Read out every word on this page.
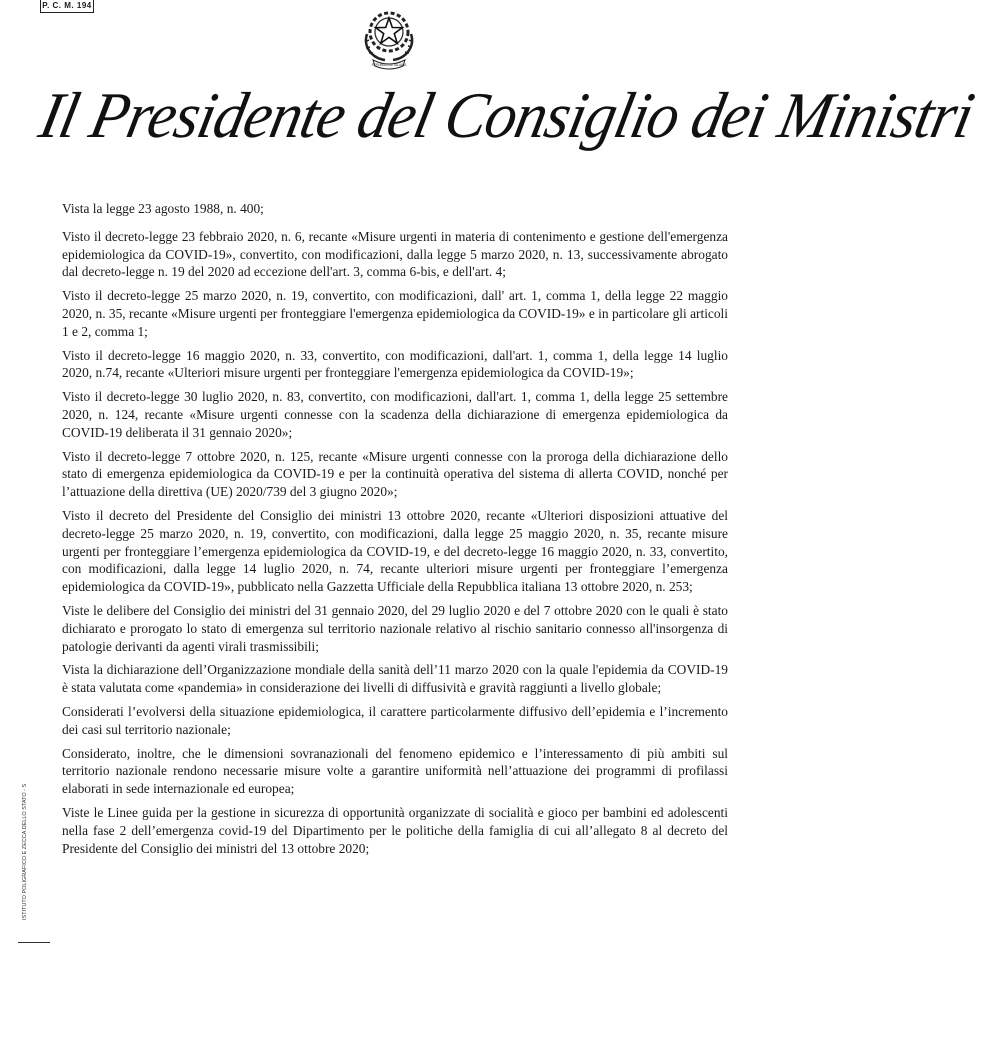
P. C. M. 194
REPUBBLICA ITALIANA
Il Presidente del Consiglio dei Ministri
ISTITUTO POLIGRAFICO E ZECCA DELLO STATO - S

Vista la legge 23 agosto 1988, n. 400;

Visto il decreto-legge 23 febbraio 2020, n. 6, recante «Misure urgenti in materia di contenimento e gestione dell'emergenza epidemiologica da COVID-19», convertito, con modificazioni, dalla legge 5 marzo 2020, n. 13, successivamente abrogato dal decreto-legge n. 19 del 2020 ad eccezione dell'art. 3, comma 6-bis, e dell'art. 4;

Visto il decreto-legge 25 marzo 2020, n. 19, convertito, con modificazioni, dall' art. 1, comma 1, della legge 22 maggio 2020, n. 35, recante «Misure urgenti per fronteggiare l'emergenza epidemiologica da COVID-19» e in particolare gli articoli 1 e 2, comma 1;

Visto il decreto-legge 16 maggio 2020, n. 33, convertito, con modificazioni, dall'art. 1, comma 1, della legge 14 luglio 2020, n.74, recante «Ulteriori misure urgenti per fronteggiare l'emergenza epidemiologica da COVID-19»;

Visto il decreto-legge 30 luglio 2020, n. 83, convertito, con modificazioni, dall'art. 1, comma 1, della legge 25 settembre 2020, n. 124, recante «Misure urgenti connesse con la scadenza della dichiarazione di emergenza epidemiologica da COVID-19 deliberata il 31 gennaio 2020»;

Visto il decreto-legge 7 ottobre 2020, n. 125, recante «Misure urgenti connesse con la proroga della dichiarazione dello stato di emergenza epidemiologica da COVID-19 e per la continuità operativa del sistema di allerta COVID, nonché per l’attuazione della direttiva (UE) 2020/739 del 3 giugno 2020»;

Visto il decreto del Presidente del Consiglio dei ministri 13 ottobre 2020, recante «Ulteriori disposizioni attuative del decreto-legge 25 marzo 2020, n. 19, convertito, con modificazioni, dalla legge 25 maggio 2020, n. 35, recante misure urgenti per fronteggiare l’emergenza epidemiologica da COVID-19, e del decreto-legge 16 maggio 2020, n. 33, convertito, con modificazioni, dalla legge 14 luglio 2020, n. 74, recante ulteriori misure urgenti per fronteggiare l’emergenza epidemiologica da COVID-19», pubblicato nella Gazzetta Ufficiale della Repubblica italiana 13 ottobre 2020, n. 253;

Viste le delibere del Consiglio dei ministri del 31 gennaio 2020, del 29 luglio 2020 e del 7 ottobre 2020 con le quali è stato dichiarato e prorogato lo stato di emergenza sul territorio nazionale relativo al rischio sanitario connesso all'insorgenza di patologie derivanti da agenti virali trasmissibili;

Vista la dichiarazione dell’Organizzazione mondiale della sanità dell’11 marzo 2020 con la quale l'epidemia da COVID-19 è stata valutata come «pandemia» in considerazione dei livelli di diffusività e gravità raggiunti a livello globale;

Considerati l’evolversi della situazione epidemiologica, il carattere particolarmente diffusivo dell’epidemia e l’incremento dei casi sul territorio nazionale;

Considerato, inoltre, che le dimensioni sovranazionali del fenomeno epidemico e l’interessamento di più ambiti sul territorio nazionale rendono necessarie misure volte a garantire uniformità nell’attuazione dei programmi di profilassi elaborati in sede internazionale ed europea;

Viste le Linee guida per la gestione in sicurezza di opportunità organizzate di socialità e gioco per bambini ed adolescenti nella fase 2 dell’emergenza covid-19 del Dipartimento per le politiche della famiglia di cui all’allegato 8 al decreto del Presidente del Consiglio dei ministri del 13 ottobre 2020;
